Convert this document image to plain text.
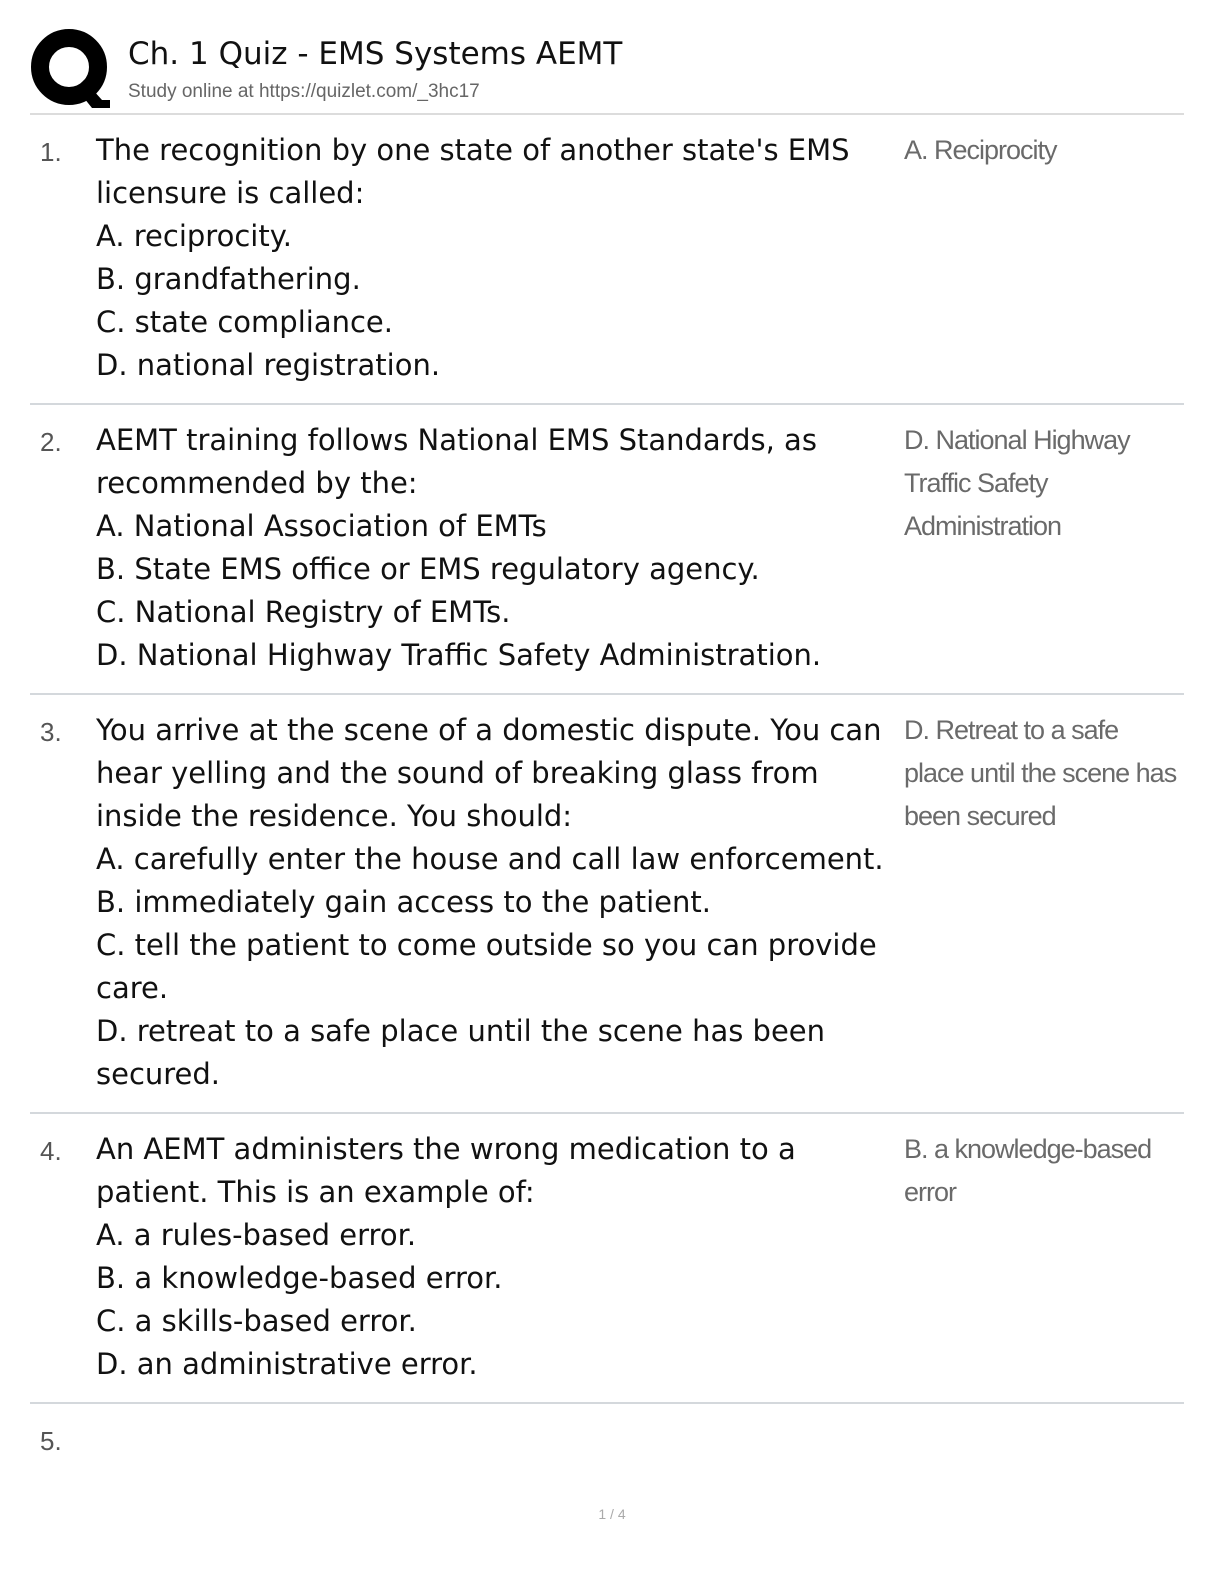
Ch. 1 Quiz - EMS Systems AEMT
Study online at https://quizlet.com/_3hc17
1. The recognition by one state of another state's EMS licensure is called:
A. reciprocity.
B. grandfathering.
C. state compliance.
D. national registration.
A. Reciprocity
2. AEMT training follows National EMS Standards, as recommended by the:
A. National Association of EMTs
B. State EMS office or EMS regulatory agency.
C. National Registry of EMTs.
D. National Highway Traffic Safety Administration.
D. National Highway Traffic Safety Administration
3. You arrive at the scene of a domestic dispute. You can hear yelling and the sound of breaking glass from inside the residence. You should:
A. carefully enter the house and call law enforcement.
B. immediately gain access to the patient.
C. tell the patient to come outside so you can provide care.
D. retreat to a safe place until the scene has been secured.
D. Retreat to a safe place until the scene has been secured
4. An AEMT administers the wrong medication to a patient. This is an example of:
A. a rules-based error.
B. a knowledge-based error.
C. a skills-based error.
D. an administrative error.
B. a knowledge-based error
5.
1 / 4
